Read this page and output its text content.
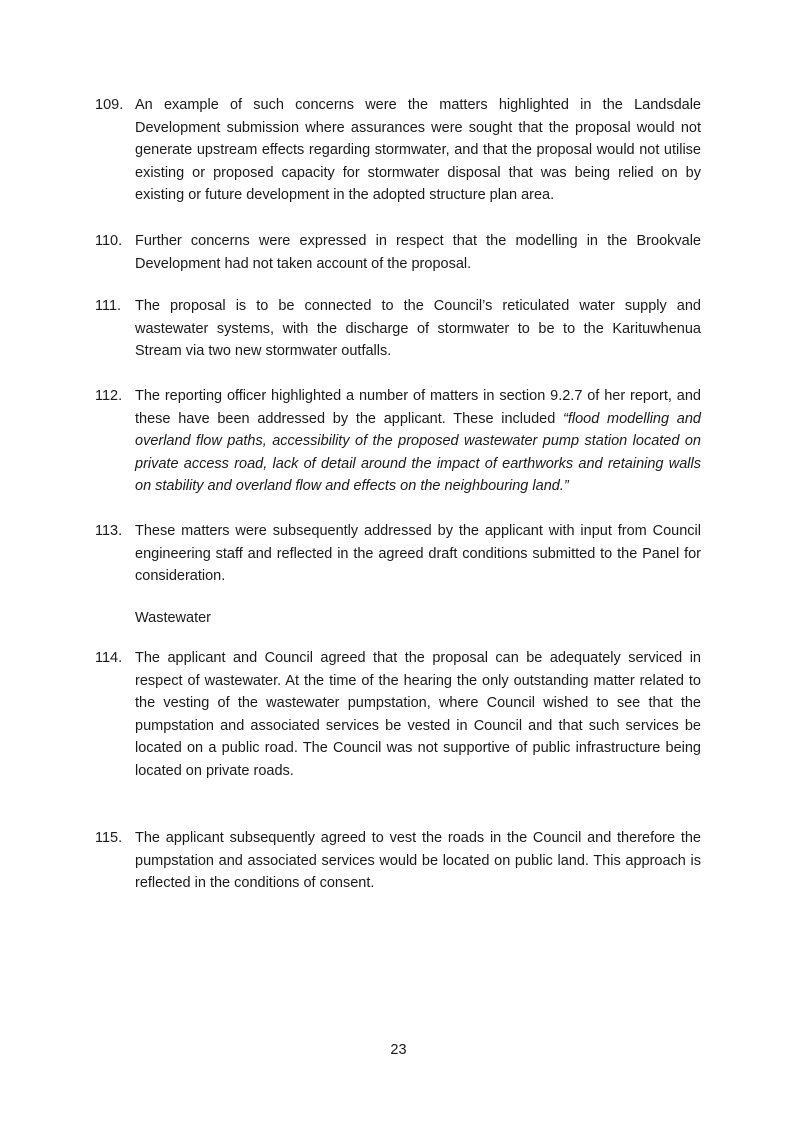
109. An example of such concerns were the matters highlighted in the Landsdale Development submission where assurances were sought that the proposal would not generate upstream effects regarding stormwater, and that the proposal would not utilise existing or proposed capacity for stormwater disposal that was being relied on by existing or future development in the adopted structure plan area.
110. Further concerns were expressed in respect that the modelling in the Brookvale Development had not taken account of the proposal.
111. The proposal is to be connected to the Council’s reticulated water supply and wastewater systems, with the discharge of stormwater to be to the Karituwhenua Stream via two new stormwater outfalls.
112. The reporting officer highlighted a number of matters in section 9.2.7 of her report, and these have been addressed by the applicant. These included “flood modelling and overland flow paths, accessibility of the proposed wastewater pump station located on private access road, lack of detail around the impact of earthworks and retaining walls on stability and overland flow and effects on the neighbouring land.”
113. These matters were subsequently addressed by the applicant with input from Council engineering staff and reflected in the agreed draft conditions submitted to the Panel for consideration.
Wastewater
114. The applicant and Council agreed that the proposal can be adequately serviced in respect of wastewater. At the time of the hearing the only outstanding matter related to the vesting of the wastewater pumpstation, where Council wished to see that the pumpstation and associated services be vested in Council and that such services be located on a public road. The Council was not supportive of public infrastructure being located on private roads.
115. The applicant subsequently agreed to vest the roads in the Council and therefore the pumpstation and associated services would be located on public land. This approach is reflected in the conditions of consent.
23
